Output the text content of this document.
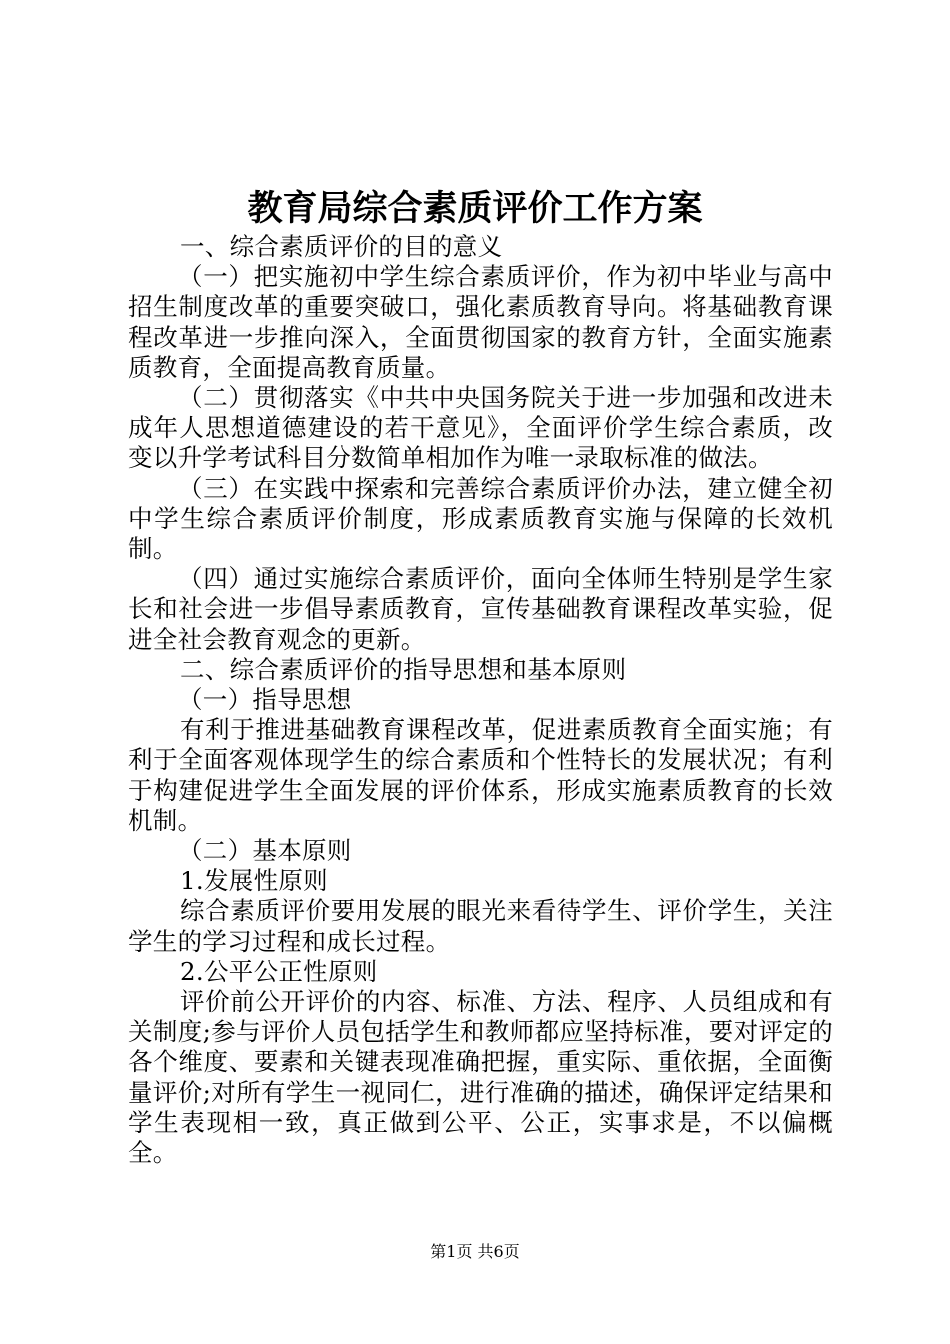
教育局综合素质评价工作方案

一、综合素质评价的目的意义

（一）把实施初中学生综合素质评价，作为初中毕业与高中招生制度改革的重要突破口，强化素质教育导向。将基础教育课程改革进一步推向深入，全面贯彻国家的教育方针，全面实施素质教育，全面提高教育质量。

（二）贯彻落实《中共中央国务院关于进一步加强和改进未成年人思想道德建设的若干意见》，全面评价学生综合素质，改变以升学考试科目分数简单相加作为唯一录取标准的做法。

（三）在实践中探索和完善综合素质评价办法，建立健全初中学生综合素质评价制度，形成素质教育实施与保障的长效机制。

（四）通过实施综合素质评价，面向全体师生特别是学生家长和社会进一步倡导素质教育，宣传基础教育课程改革实验，促进全社会教育观念的更新。

二、综合素质评价的指导思想和基本原则

（一）指导思想

有利于推进基础教育课程改革，促进素质教育全面实施；有利于全面客观体现学生的综合素质和个性特长的发展状况；有利于构建促进学生全面发展的评价体系，形成实施素质教育的长效机制。

（二）基本原则

1.发展性原则

综合素质评价要用发展的眼光来看待学生、评价学生，关注学生的学习过程和成长过程。

2.公平公正性原则

评价前公开评价的内容、标准、方法、程序、人员组成和有关制度;参与评价人员包括学生和教师都应坚持标准，要对评定的各个维度、要素和关键表现准确把握，重实际、重依据，全面衡量评价;对所有学生一视同仁，进行准确的描述，确保评定结果和学生表现相一致，真正做到公平、公正，实事求是，不以偏概全。

第1页 共6页
